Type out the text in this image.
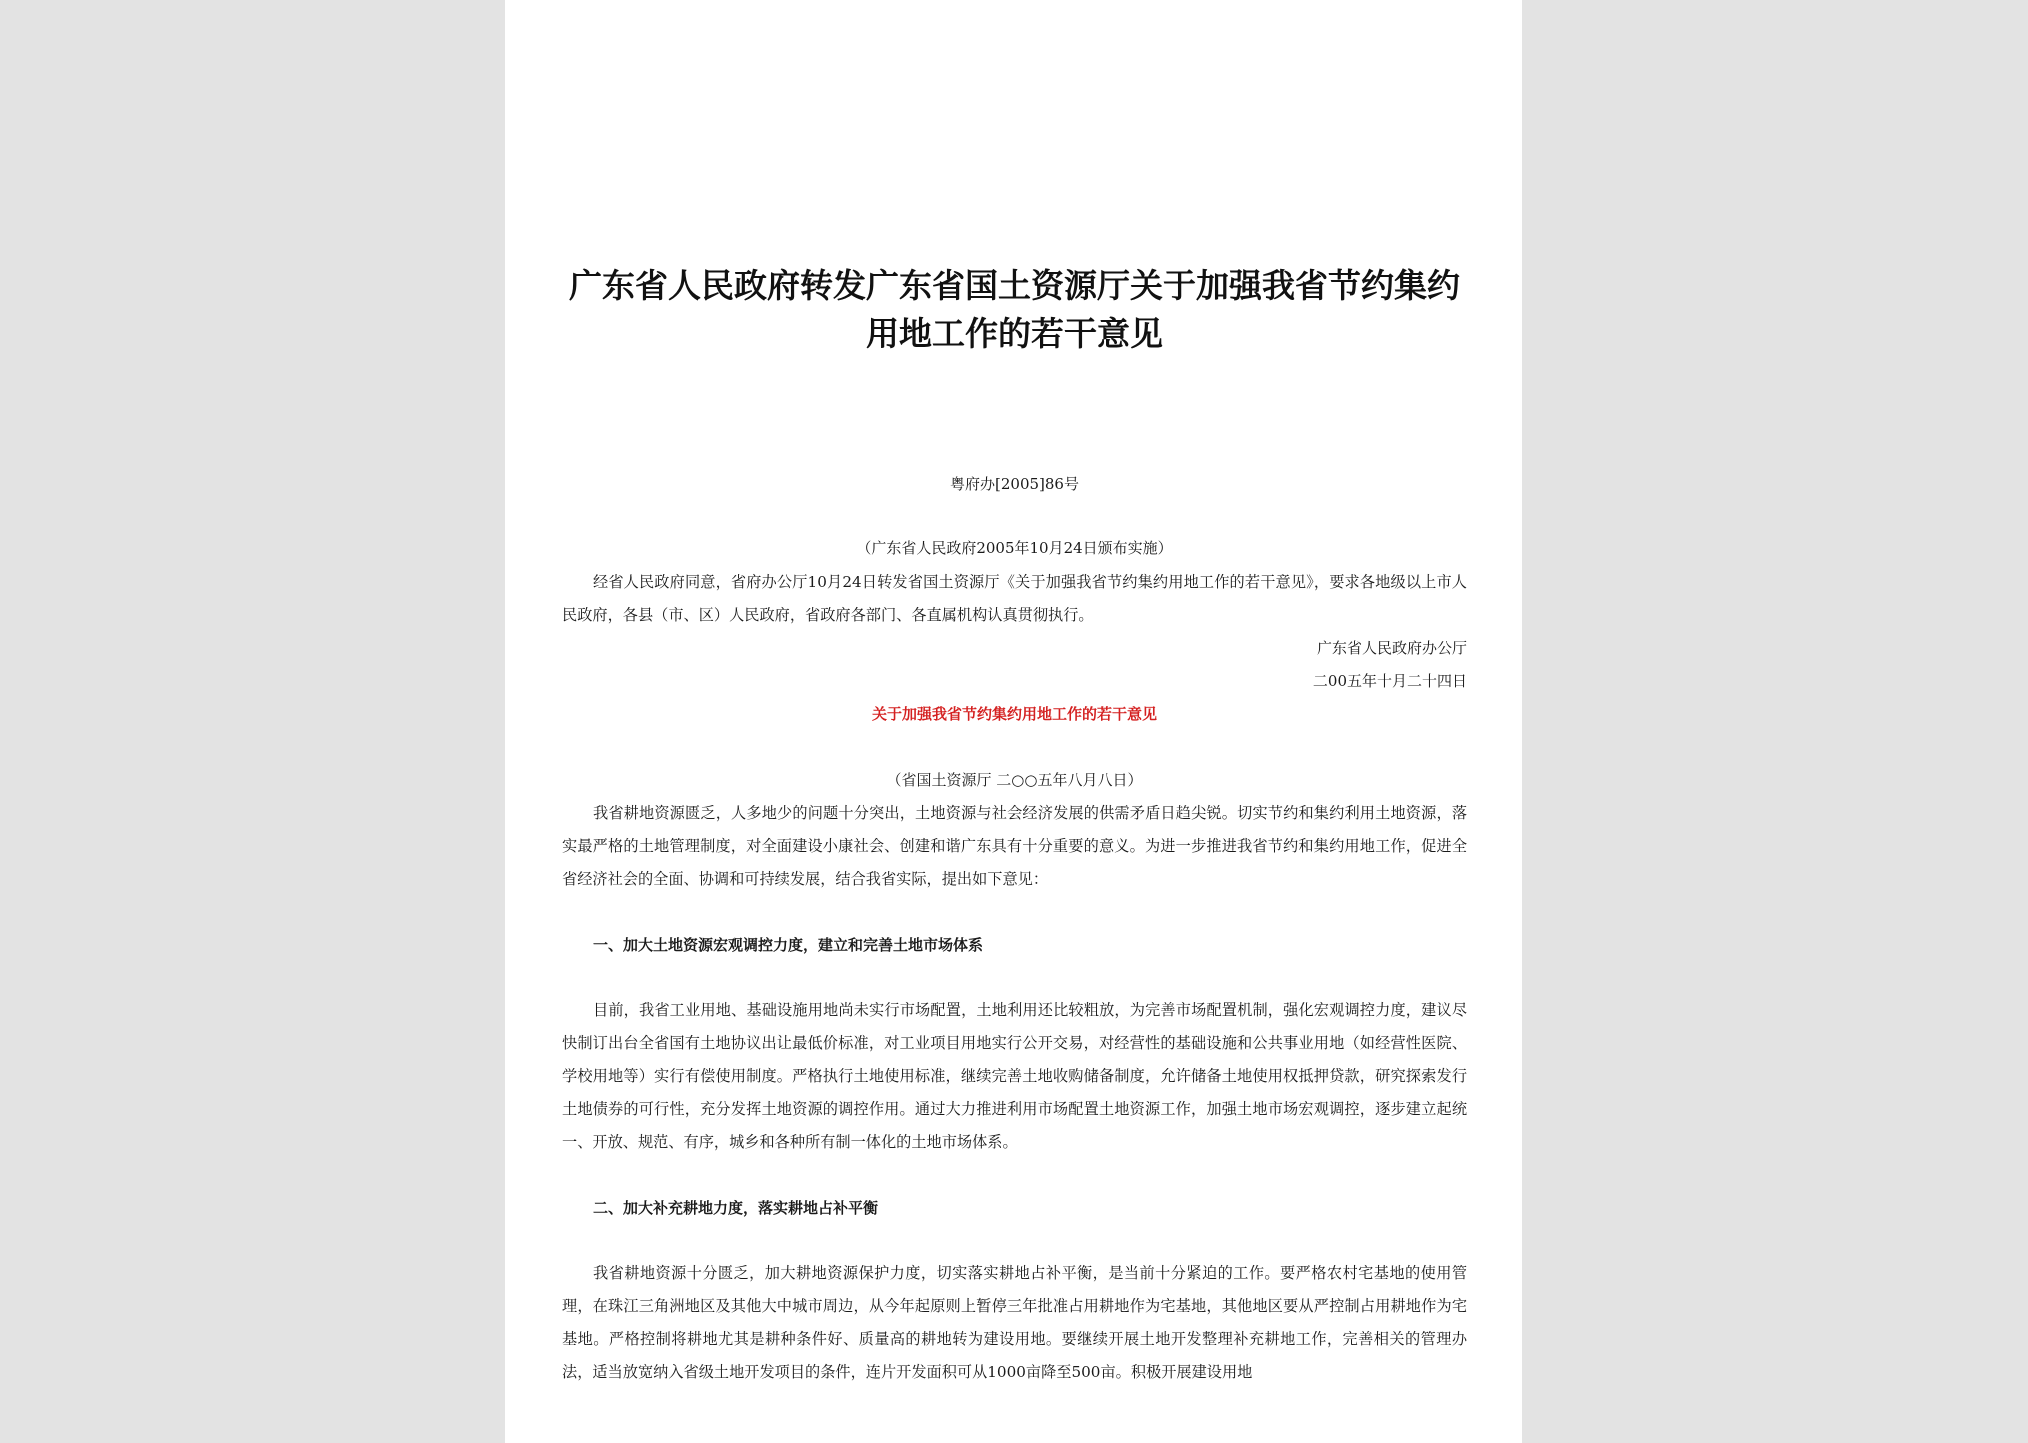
广东省人民政府转发广东省国土资源厅关于加强我省节约集约用地工作的若干意见
粤府办[2005]86号
（广东省人民政府2005年10月24日颁布实施）

经省人民政府同意，省府办公厅10月24日转发省国土资源厅《关于加强我省节约集约用地工作的若干意见》，要求各地级以上市人民政府，各县（市、区）人民政府，省政府各部门、各直属机构认真贯彻执行。

广东省人民政府办公厅
二00五年十月二十四日
关于加强我省节约集约用地工作的若干意见
（省国土资源厅 二○○五年八月八日）

我省耕地资源匮乏，人多地少的问题十分突出，土地资源与社会经济发展的供需矛盾日趋尖锐。切实节约和集约利用土地资源，落实最严格的土地管理制度，对全面建设小康社会、创建和谐广东具有十分重要的意义。为进一步推进我省节约和集约用地工作，促进全省经济社会的全面、协调和可持续发展，结合我省实际，提出如下意见：

一、加大土地资源宏观调控力度，建立和完善土地市场体系

目前，我省工业用地、基础设施用地尚未实行市场配置，土地利用还比较粗放，为完善市场配置机制，强化宏观调控力度，建议尽快制订出台全省国有土地协议出让最低价标准，对工业项目用地实行公开交易，对经营性的基础设施和公共事业用地（如经营性医院、学校用地等）实行有偿使用制度。严格执行土地使用标准，继续完善土地收购储备制度，允许储备土地使用权抵押贷款，研究探索发行土地债券的可行性，充分发挥土地资源的调控作用。通过大力推进利用市场配置土地资源工作，加强土地市场宏观调控，逐步建立起统一、开放、规范、有序，城乡和各种所有制一体化的土地市场体系。

二、加大补充耕地力度，落实耕地占补平衡

我省耕地资源十分匮乏，加大耕地资源保护力度，切实落实耕地占补平衡，是当前十分紧迫的工作。要严格农村宅基地的使用管理，在珠江三角洲地区及其他大中城市周边，从今年起原则上暂停三年批准占用耕地作为宅基地，其他地区要从严控制占用耕地作为宅基地。严格控制将耕地尤其是耕种条件好、质量高的耕地转为建设用地。要继续开展土地开发整理补充耕地工作，完善相关的管理办法，适当放宽纳入省级土地开发项目的条件，连片开发面积可从1000亩降至500亩。积极开展建设用地
